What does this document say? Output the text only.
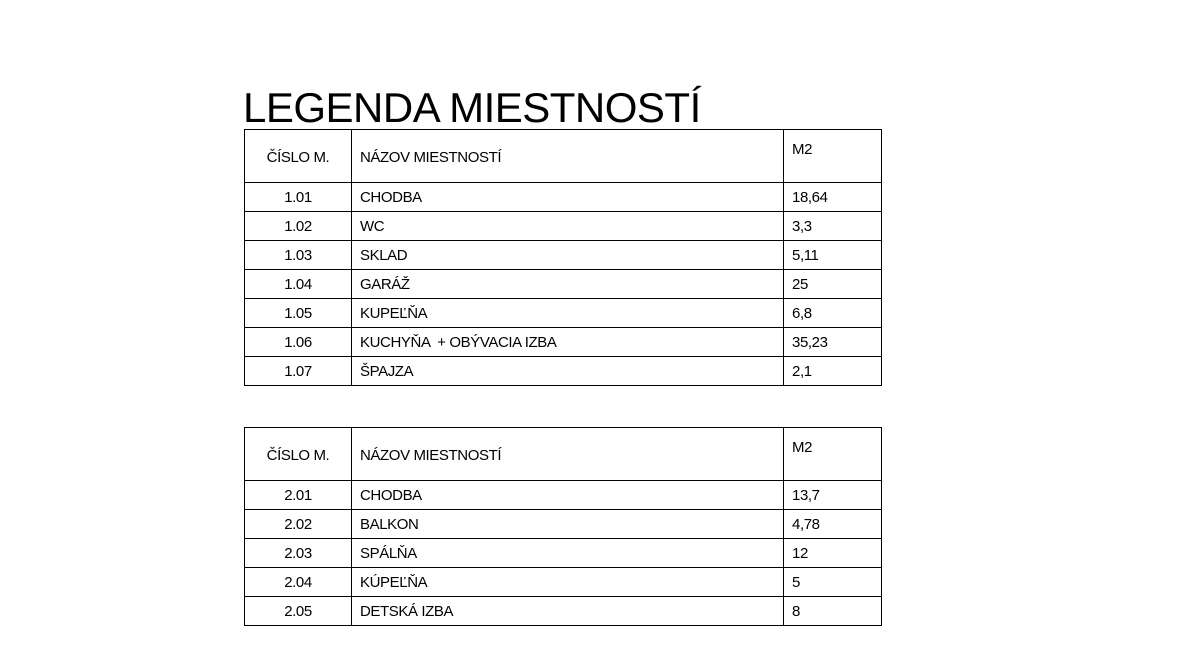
LEGENDA MIESTNOSTÍ
ČÍSLO M.	NÁZOV MIESTNOSTÍ	M2
1.01	CHODBA	18,64
1.02	WC	3,3
1.03	SKLAD	5,11
1.04	GARÁŽ	25
1.05	KUPEĽŇA	6,8
1.06	KUCHYŇA  + OBÝVACIA IZBA	35,23
1.07	ŠPAJZA	2,1
ČÍSLO M.	NÁZOV MIESTNOSTÍ	M2
2.01	CHODBA	13,7
2.02	BALKON	4,78
2.03	SPÁLŇA	12
2.04	KÚPEĽŇA	5
2.05	DETSKÁ IZBA	8
